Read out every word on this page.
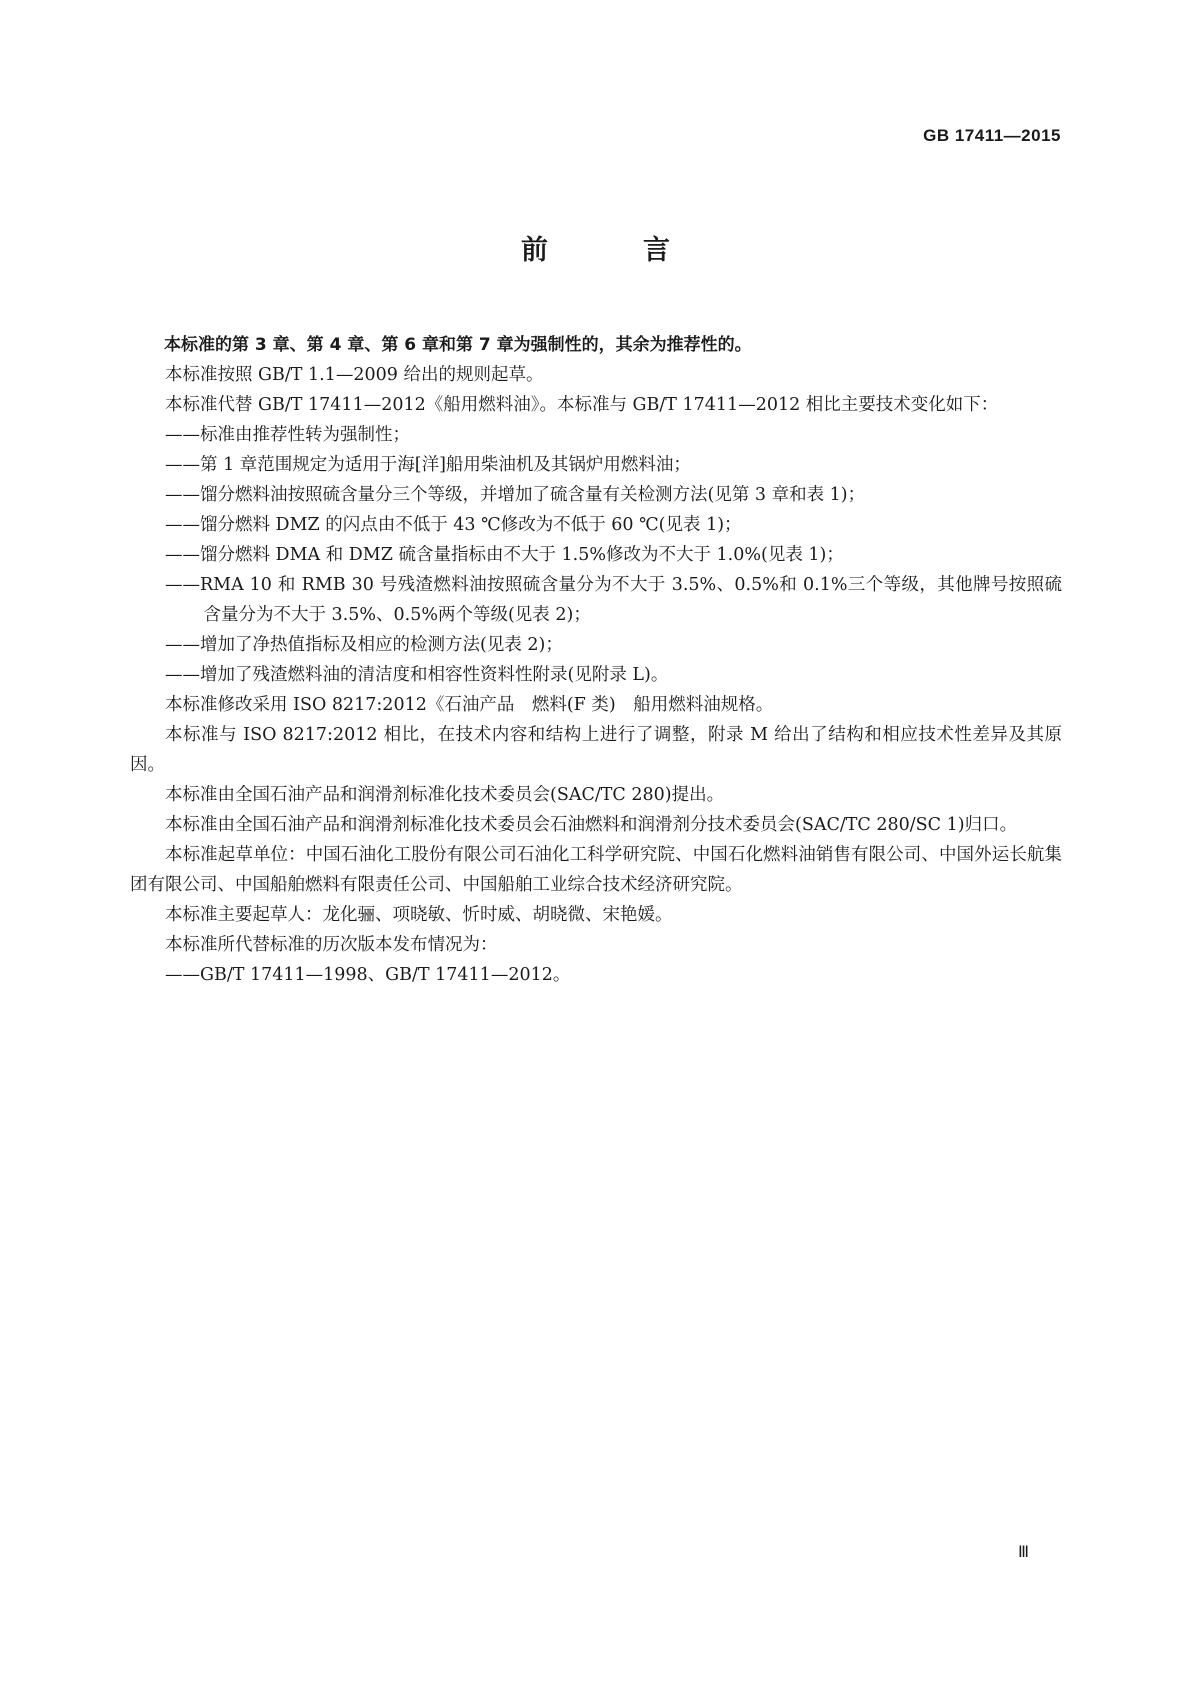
GB 17411—2015
前　言

本标准的第 3 章、第 4 章、第 6 章和第 7 章为强制性的，其余为推荐性的。

本标准按照 GB/T 1.1—2009 给出的规则起草。

本标准代替 GB/T 17411—2012《船用燃料油》。本标准与 GB/T 17411—2012 相比主要技术变化如下：

——标准由推荐性转为强制性；
——第 1 章范围规定为适用于海[洋]船用柴油机及其锅炉用燃料油；
——馏分燃料油按照硫含量分三个等级，并增加了硫含量有关检测方法(见第 3 章和表 1)；
——馏分燃料 DMZ 的闪点由不低于 43 ℃修改为不低于 60 ℃(见表 1)；
——馏分燃料 DMA 和 DMZ 硫含量指标由不大于 1.5%修改为不大于 1.0%(见表 1)；
——RMA 10 和 RMB 30 号残渣燃料油按照硫含量分为不大于 3.5%、0.5%和 0.1%三个等级，其他牌号按照硫含量分为不大于 3.5%、0.5%两个等级(见表 2)；
——增加了净热值指标及相应的检测方法(见表 2)；
——增加了残渣燃料油的清洁度和相容性资料性附录(见附录 L)。

本标准修改采用 ISO 8217:2012《石油产品　燃料(F 类)　船用燃料油规格。

本标准与 ISO 8217:2012 相比，在技术内容和结构上进行了调整，附录 M 给出了结构和相应技术性差异及其原因。

本标准由全国石油产品和润滑剂标准化技术委员会(SAC/TC 280)提出。

本标准由全国石油产品和润滑剂标准化技术委员会石油燃料和润滑剂分技术委员会(SAC/TC 280/SC 1)归口。

本标准起草单位：中国石油化工股份有限公司石油化工科学研究院、中国石化燃料油销售有限公司、中国外运长航集团有限公司、中国船舶燃料有限责任公司、中国船舶工业综合技术经济研究院。

本标准主要起草人：龙化骊、项晓敏、忻时威、胡晓微、宋艳媛。

本标准所代替标准的历次版本发布情况为：

——GB/T 17411—1998、GB/T 17411—2012。
Ⅲ
